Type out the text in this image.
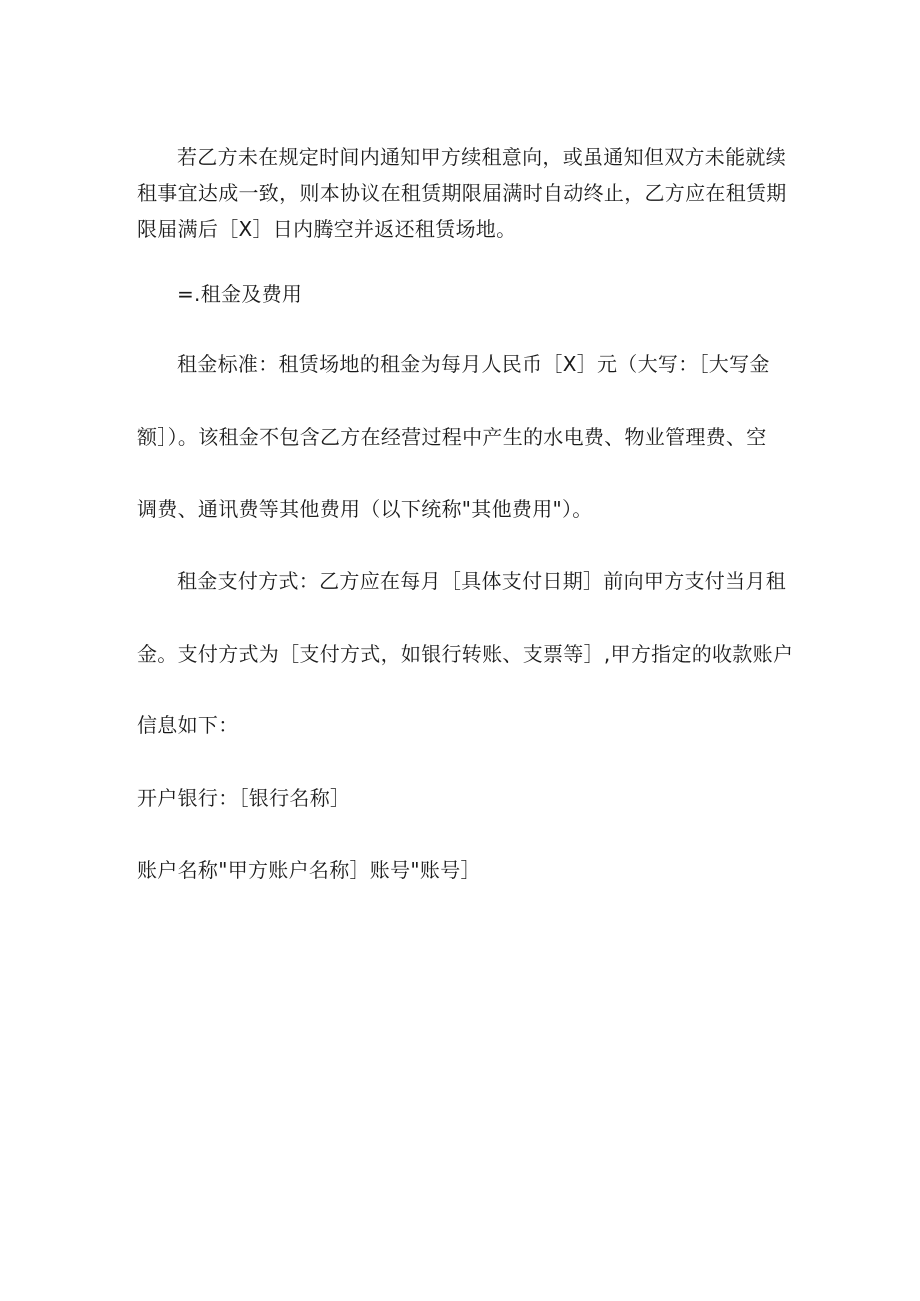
若乙方未在规定时间内通知甲方续租意向，或虽通知但双方未能就续
租事宜达成一致，则本协议在租赁期限届满时自动终止，乙方应在租赁期
限届满后［X］日内腾空并返还租赁场地。
=.租金及费用
租金标准：租赁场地的租金为每月人民币［X］元（大写：［大写金
额］）。该租金不包含乙方在经营过程中产生的水电费、物业管理费、空
调费、通讯费等其他费用（以下统称"其他费用"）。
租金支付方式：乙方应在每月［具体支付日期］前向甲方支付当月租
金。支付方式为［支付方式，如银行转账、支票等］,甲方指定的收款账户
信息如下：
开户银行：［银行名称］
账户名称"甲方账户名称］账号"账号］
